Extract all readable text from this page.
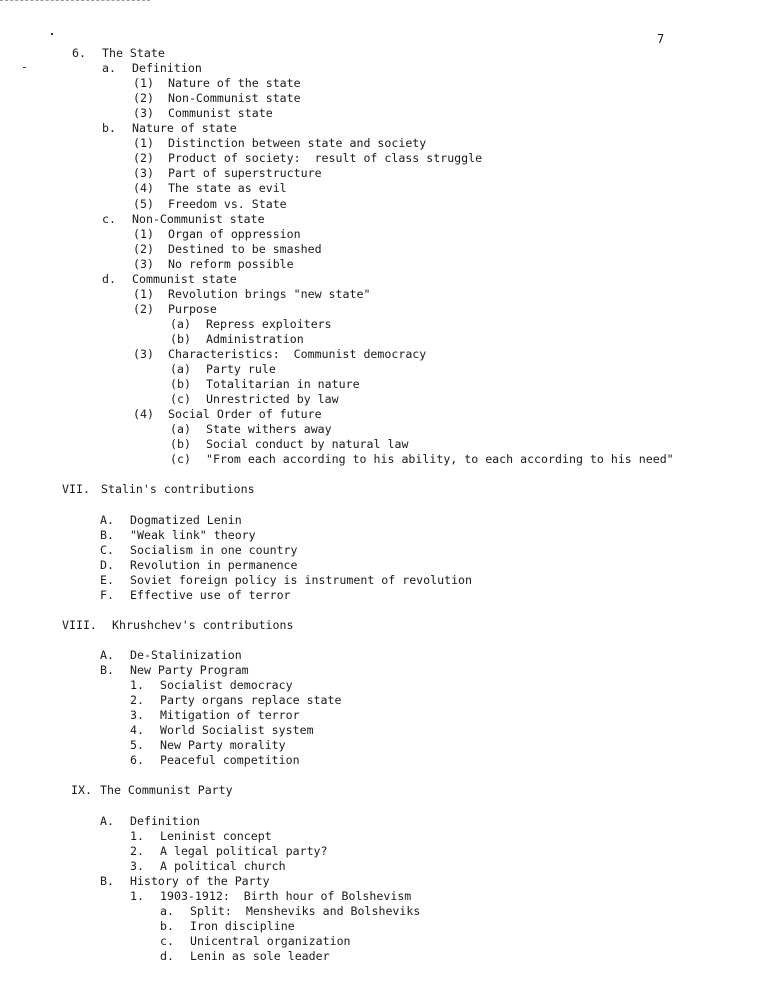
7
6. The State
a. Definition
(1) Nature of the state
(2) Non-Communist state
(3) Communist state
b. Nature of state
(1) Distinction between state and society
(2) Product of society:  result of class struggle
(3) Part of superstructure
(4) The state as evil
(5) Freedom vs. State
c. Non-Communist state
(1) Organ of oppression
(2) Destined to be smashed
(3) No reform possible
d. Communist state
(1) Revolution brings "new state"
(2) Purpose
(a) Repress exploiters
(b) Administration
(3) Characteristics:  Communist democracy
(a) Party rule
(b) Totalitarian in nature
(c) Unrestricted by law
(4) Social Order of future
(a) State withers away
(b) Social conduct by natural law
(c) "From each according to his ability, to each according to his need"
VII. Stalin's contributions
A. Dogmatized Lenin
B. "Weak link" theory
C. Socialism in one country
D. Revolution in permanence
E. Soviet foreign policy is instrument of revolution
F. Effective use of terror
VIII. Khrushchev's contributions
A. De-Stalinization
B. New Party Program
1. Socialist democracy
2. Party organs replace state
3. Mitigation of terror
4. World Socialist system
5. New Party morality
6. Peaceful competition
IX. The Communist Party
A. Definition
1. Leninist concept
2. A legal political party?
3. A political church
B. History of the Party
1. 1903-1912:  Birth hour of Bolshevism
a. Split:  Mensheviks and Bolsheviks
b. Iron discipline
c. Unicentral organization
d. Lenin as sole leader
